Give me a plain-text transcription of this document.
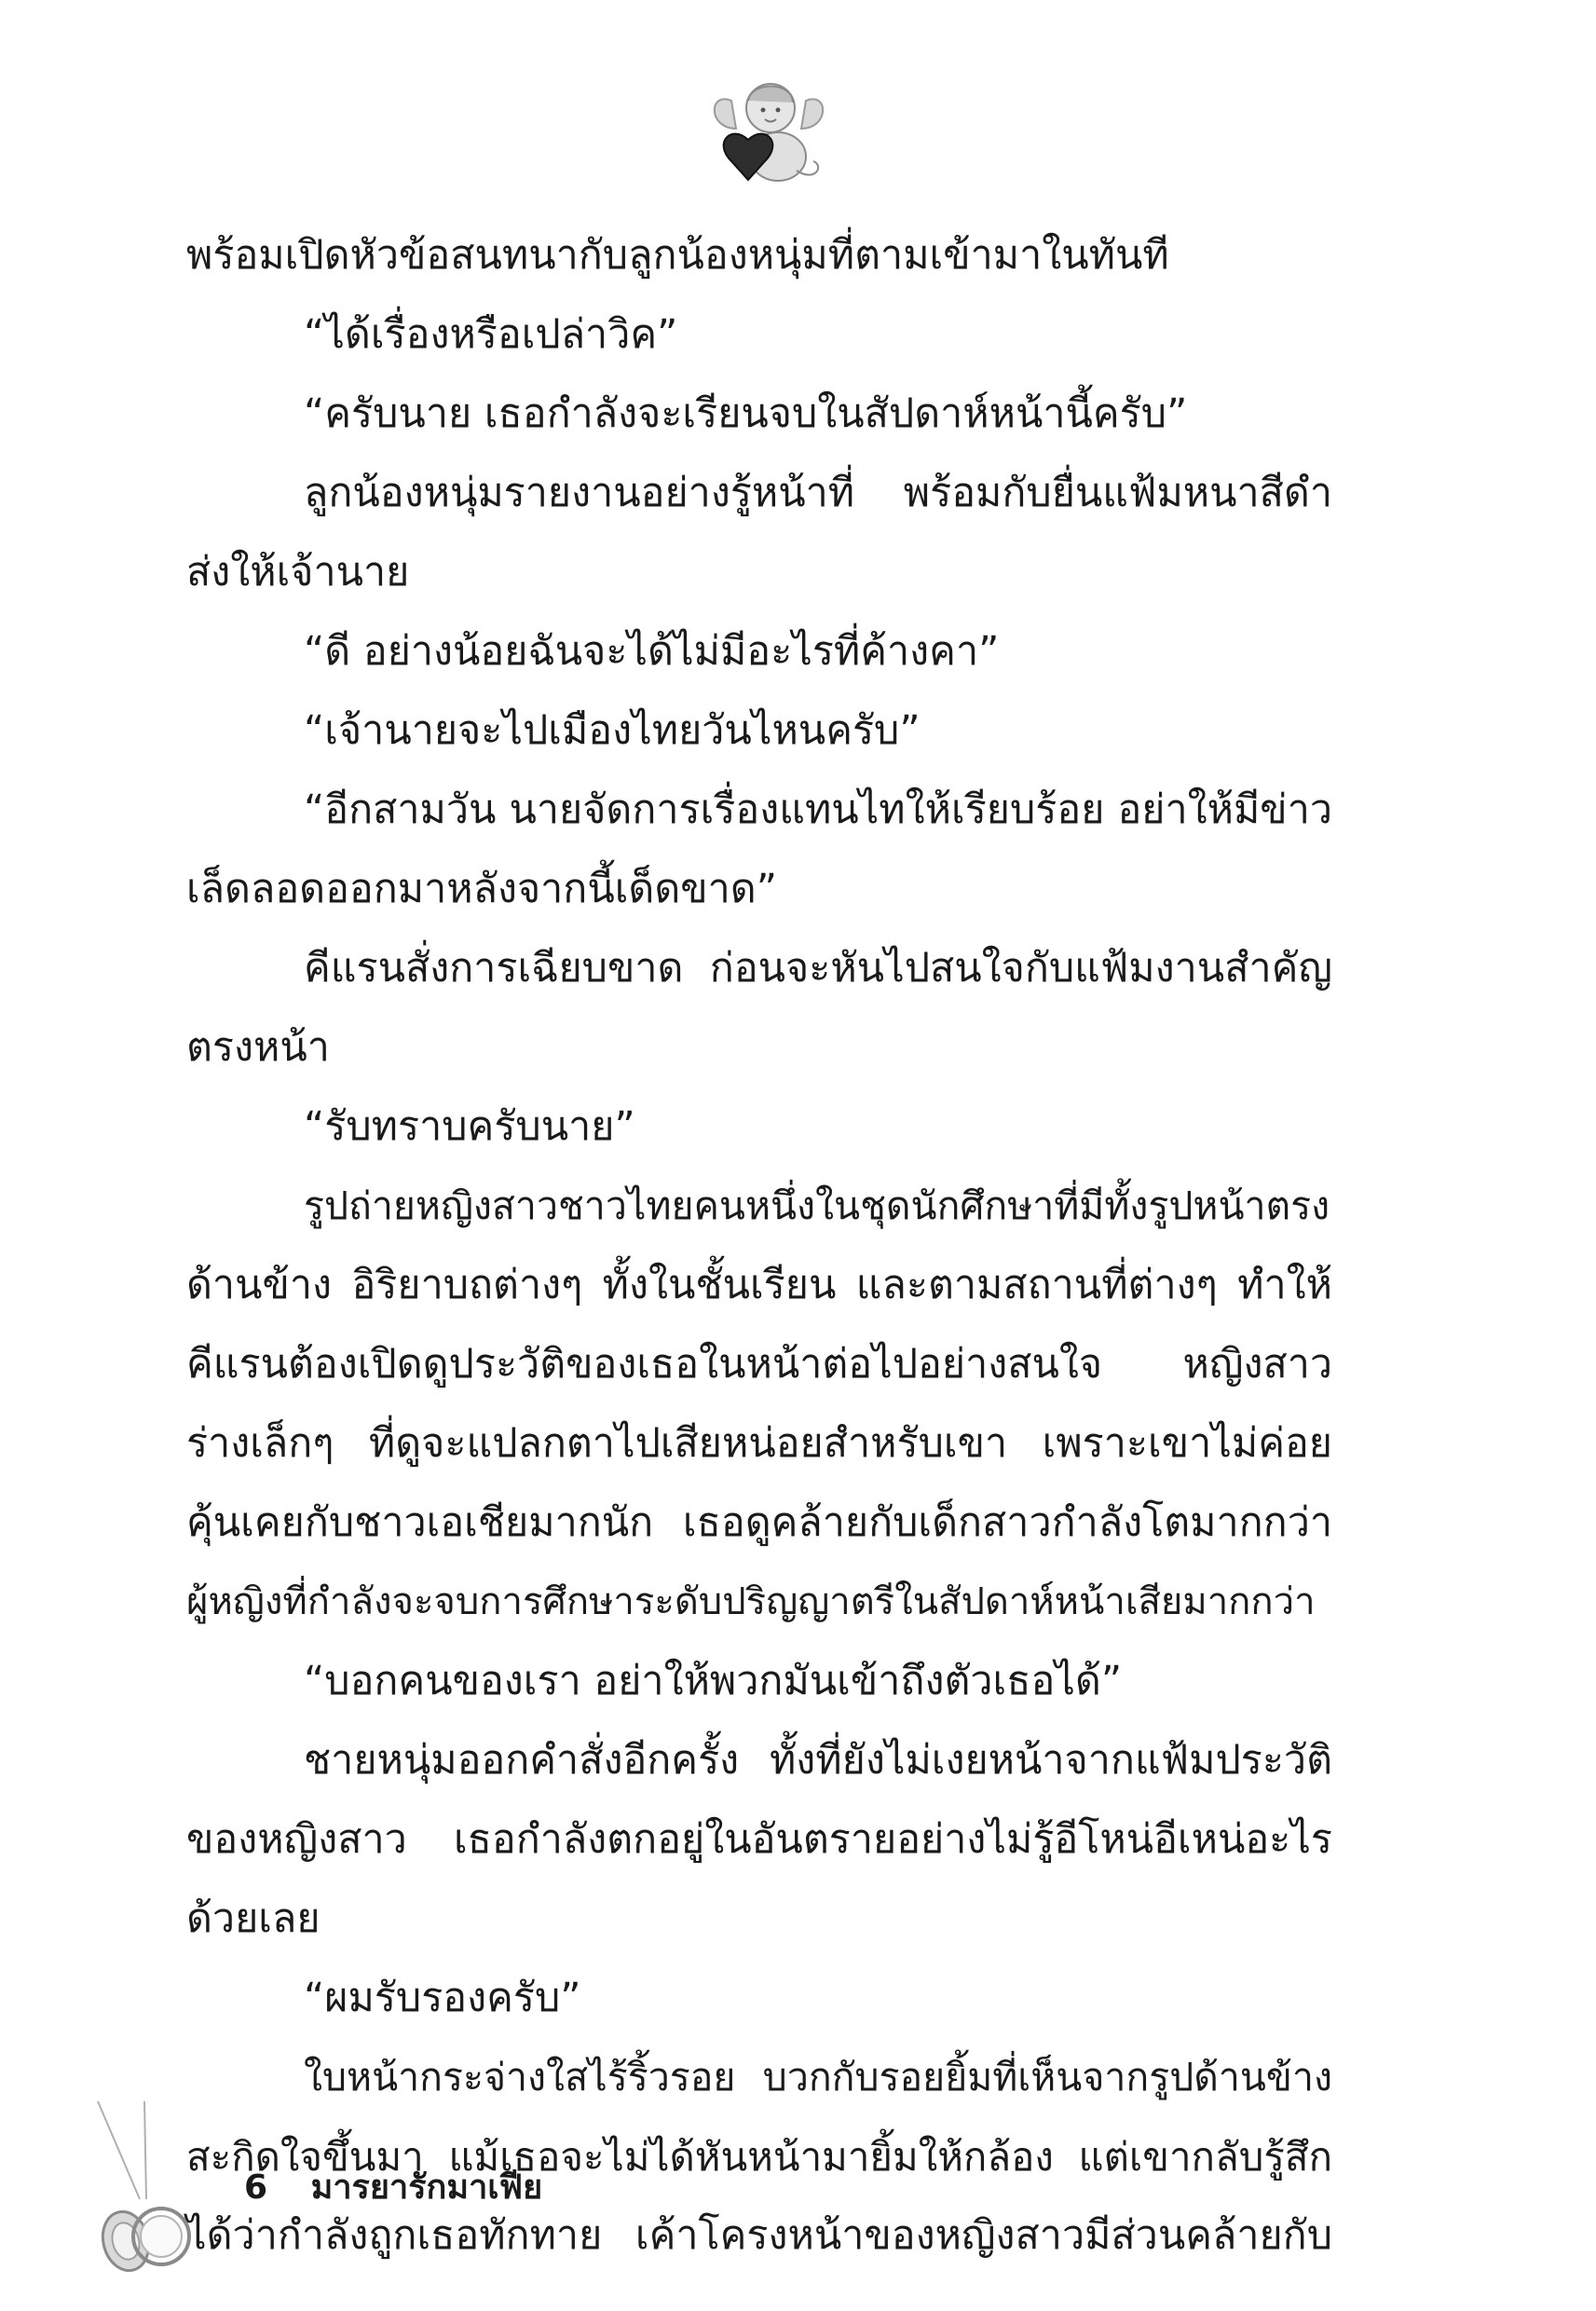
พร้อมเปิดหัวข้อสนทนากับลูกน้องหนุ่มที่ตามเข้ามาในทันที
“ได้เรื่องหรือเปล่าวิค”
“ครับนาย เธอกำลังจะเรียนจบในสัปดาห์หน้านี้ครับ”
ลูกน้องหนุ่มรายงานอย่างรู้หน้าที่ พร้อมกับยื่นแฟ้มหนาสีดำ
ส่งให้เจ้านาย
“ดี อย่างน้อยฉันจะได้ไม่มีอะไรที่ค้างคา”
“เจ้านายจะไปเมืองไทยวันไหนครับ”
“อีกสามวัน นายจัดการเรื่องแทนไทให้เรียบร้อย อย่าให้มีข่าว
เล็ดลอดออกมาหลังจากนี้เด็ดขาด”
คีแรนสั่งการเฉียบขาด ก่อนจะหันไปสนใจกับแฟ้มงานสำคัญ
ตรงหน้า
“รับทราบครับนาย”
รูปถ่ายหญิงสาวชาวไทยคนหนึ่งในชุดนักศึกษาที่มีทั้งรูปหน้าตรง
ด้านข้าง อิริยาบถต่างๆ ทั้งในชั้นเรียน และตามสถานที่ต่างๆ ทำให้
คีแรนต้องเปิดดูประวัติของเธอในหน้าต่อไปอย่างสนใจ หญิงสาว
ร่างเล็กๆ ที่ดูจะแปลกตาไปเสียหน่อยสำหรับเขา เพราะเขาไม่ค่อย
คุ้นเคยกับชาวเอเชียมากนัก เธอดูคล้ายกับเด็กสาวกำลังโตมากกว่า
ผู้หญิงที่กำลังจะจบการศึกษาระดับปริญญาตรีในสัปดาห์หน้าเสียมากกว่า
“บอกคนของเรา อย่าให้พวกมันเข้าถึงตัวเธอได้”
ชายหนุ่มออกคำสั่งอีกครั้ง ทั้งที่ยังไม่เงยหน้าจากแฟ้มประวัติ
ของหญิงสาว เธอกำลังตกอยู่ในอันตรายอย่างไม่รู้อีโหน่อีเหน่อะไร
ด้วยเลย
“ผมรับรองครับ”
ใบหน้ากระจ่างใสไร้ริ้วรอย บวกกับรอยยิ้มที่เห็นจากรูปด้านข้าง
สะกิดใจขึ้นมา แม้เธอจะไม่ได้หันหน้ามายิ้มให้กล้อง แต่เขากลับรู้สึก
ได้ว่ากำลังถูกเธอทักทาย เค้าโครงหน้าของหญิงสาวมีส่วนคล้ายกับ
6 มารยารักมาเฟีย
